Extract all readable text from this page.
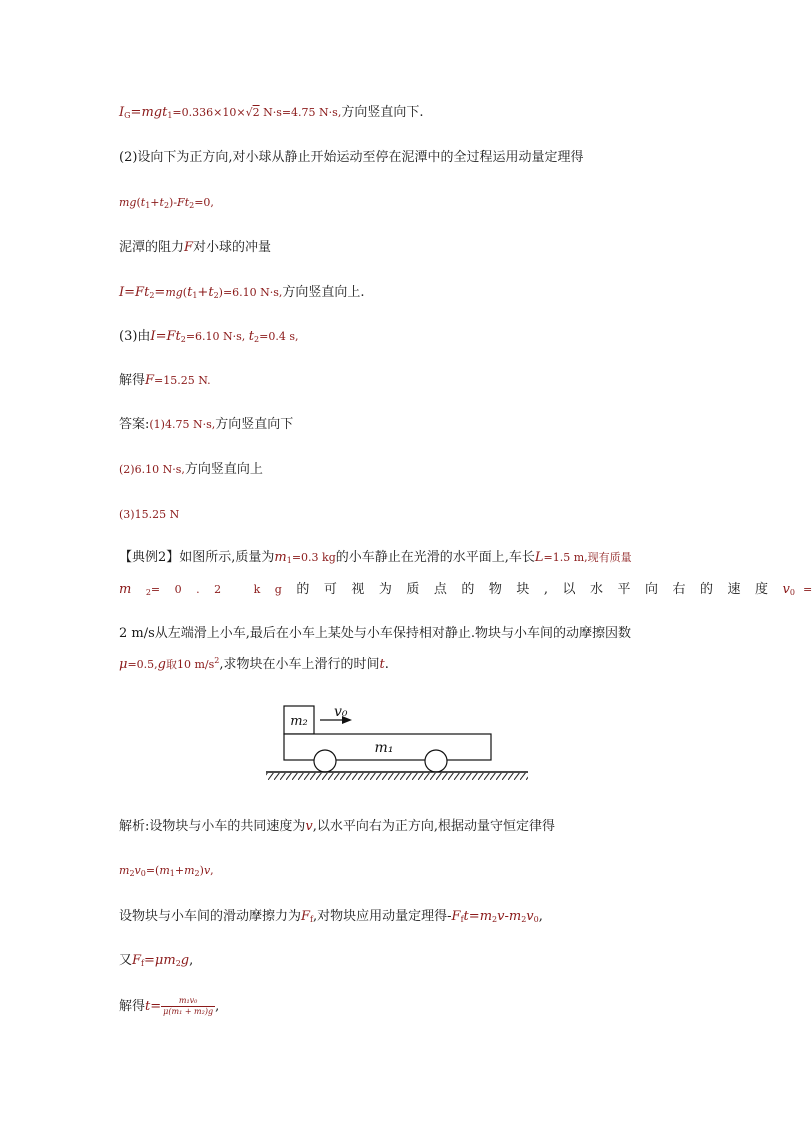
$I_G=mgt_1=0.336\times 10\times√2$ N·s=4.75 N·s,方向竖直向下.
(2)设向下为正方向,对小球从静止开始运动至停在泥潭中的全过程运用动量定理得
$mg(t_1+t_2)-Ft_2=0$,
泥潭的阻力F对小球的冲量
$I=Ft_2=mg(t_1+t_2)=6.10$ N·s,方向竖直向上.
(3)由$I=Ft_2=6.10$ N·s, $t_2=0.4$ s,
解得F=15.25 N.
答案:(1)4.75 N·s,方向竖直向下
(2)6.10 N·s,方向竖直向上
(3)15.25 N
【典例2】如图所示,质量为$m_1=0.3$ kg的小车静止在光滑的水平面上,车长L=1.5 m,现有质量
$m_2=0.2$ kg的可视为质点的物块,以水平向右的速度$v_0$ =
2 m/s从左端滑上小车,最后在小车上某处与小车保持相对静止.物块与小车间的动摩擦因数
μ=0.5,g取10 $m/s^2$,求物块在小车上滑行的时间t.
m₂
v₀
m₁
解析:设物块与小车的共同速度为v,以水平向右为正方向,根据动量守恒定律得
$m_2v_0=(m_1+m_2)v$,
设物块与小车间的滑动摩擦力为$F_f$,对物块应用动量定理得$-F_ft=m_2v-m_2v_0$,
又$F_f=\mu m_2g$,
解得$t= \frac{\text{m₁v₀}}{\text{μ(m₁ + m₂)g}}$ ,
